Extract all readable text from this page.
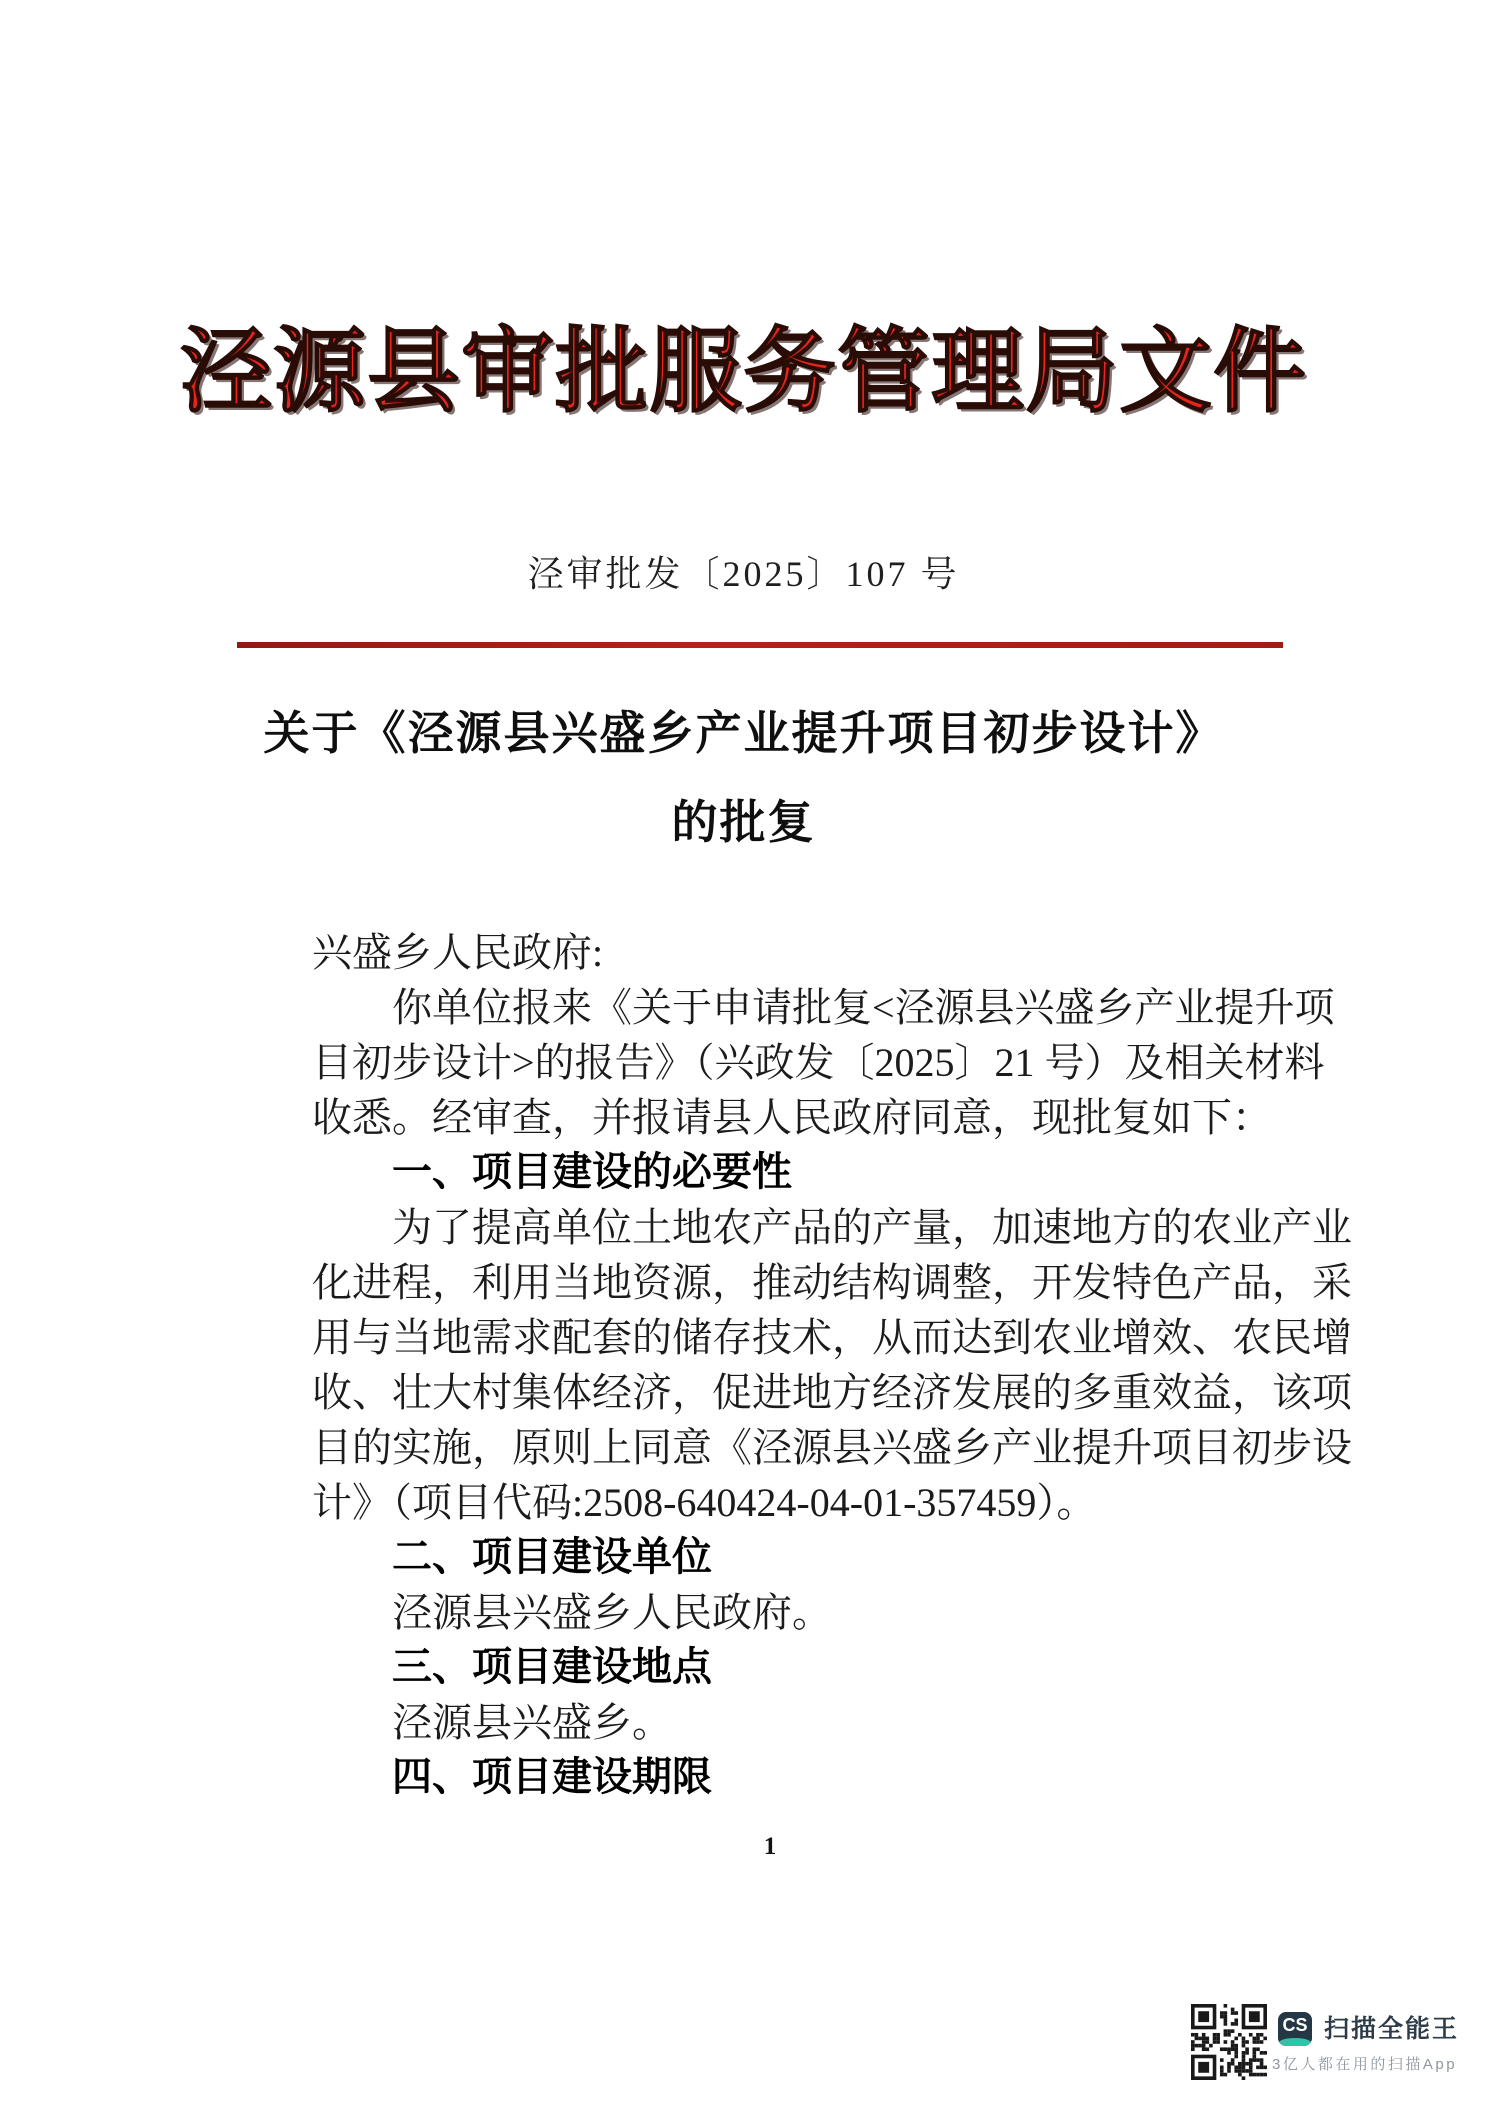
泾源县审批服务管理局文件
泾审批发〔2025〕107 号
关于《泾源县兴盛乡产业提升项目初步设计》
的批复
兴盛乡人民政府:
你单位报来《关于申请批复<泾源县兴盛乡产业提升项
目初步设计>的报告》（兴政发〔2025〕21 号）及相关材料
收悉。经审查，并报请县人民政府同意，现批复如下：
一、项目建设的必要性
为了提高单位土地农产品的产量，加速地方的农业产业
化进程，利用当地资源，推动结构调整，开发特色产品，采
用与当地需求配套的储存技术，从而达到农业增效、农民增
收、壮大村集体经济，促进地方经济发展的多重效益，该项
目的实施，原则上同意《泾源县兴盛乡产业提升项目初步设
计》（项目代码:2508-640424-04-01-357459）。
二、项目建设单位
泾源县兴盛乡人民政府。
三、项目建设地点
泾源县兴盛乡。
四、项目建设期限
1
CS 扫描全能王
3亿人都在用的扫描App
